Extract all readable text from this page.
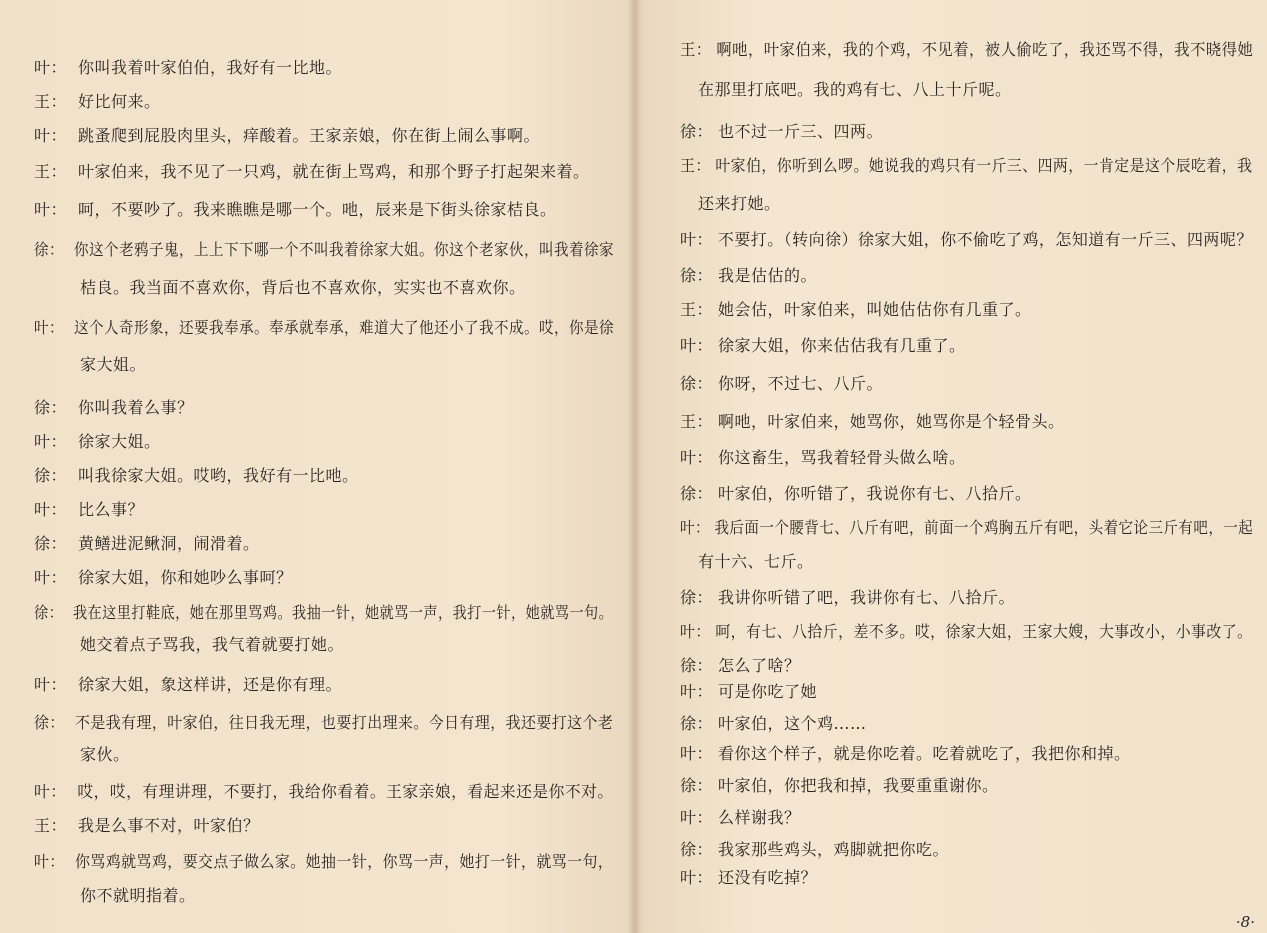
叶： 你叫我着叶家伯伯，我好有一比地。
王： 好比何来。
叶： 跳蚤爬到屁股肉里头，痒酸着。王家亲娘，你在街上闹么事啊。
王： 叶家伯来，我不见了一只鸡，就在街上骂鸡，和那个野子打起架来着。
叶： 呵，不要吵了。我来瞧瞧是哪一个。吔，辰来是下街头徐家桔良。
徐： 你这个老鸦子鬼，上上下下哪一个不叫我着徐家大姐。你这个老家伙，叫我着徐家
桔良。我当面不喜欢你，背后也不喜欢你，实实也不喜欢你。
叶： 这个人奇形象，还要我奉承。奉承就奉承，难道大了他还小了我不成。哎，你是徐
家大姐。
徐： 你叫我着么事？
叶： 徐家大姐。
徐： 叫我徐家大姐。哎哟，我好有一比吔。
叶： 比么事？
徐： 黄鳝进泥鳅洞，闹滑着。
叶： 徐家大姐，你和她吵么事呵？
徐： 我在这里打鞋底，她在那里骂鸡。我抽一针，她就骂一声，我打一针，她就骂一句。
她交着点子骂我，我气着就要打她。
叶： 徐家大姐，象这样讲，还是你有理。
徐： 不是我有理，叶家伯，往日我无理，也要打出理来。今日有理，我还要打这个老
家伙。
叶： 哎，哎，有理讲理，不要打，我给你看着。王家亲娘，看起来还是你不对。
王： 我是么事不对，叶家伯？
叶： 你骂鸡就骂鸡，要交点子做么家。她抽一针，你骂一声，她打一针，就骂一句，
你不就明指着。
王： 啊吔，叶家伯来，我的个鸡，不见着，被人偷吃了，我还骂不得，我不晓得她
在那里打底吧。我的鸡有七、八上十斤呢。
徐： 也不过一斤三、四两。
王： 叶家伯，你听到么啰。她说我的鸡只有一斤三、四两，一肯定是这个辰吃着，我
还来打她。
叶： 不要打。（转向徐）徐家大姐，你不偷吃了鸡，怎知道有一斤三、四两呢？
徐： 我是估估的。
王： 她会估，叶家伯来，叫她估估你有几重了。
叶： 徐家大姐，你来估估我有几重了。
徐： 你呀，不过七、八斤。
王： 啊吔，叶家伯来，她骂你，她骂你是个轻骨头。
叶： 你这畜生，骂我着轻骨头做么啥。
徐： 叶家伯，你听错了，我说你有七、八拾斤。
叶： 我后面一个腰背七、八斤有吧，前面一个鸡胸五斤有吧，头着它论三斤有吧，一起
有十六、七斤。
徐： 我讲你听错了吧，我讲你有七、八拾斤。
叶： 呵，有七、八拾斤，差不多。哎，徐家大姐，王家大嫂，大事改小，小事改了。
徐： 怎么了啥？
叶： 可是你吃了她
徐： 叶家伯，这个鸡……
叶： 看你这个样子，就是你吃着。吃着就吃了，我把你和掉。
徐： 叶家伯，你把我和掉，我要重重谢你。
叶： 么样谢我？
徐： 我家那些鸡头，鸡脚就把你吃。
叶： 还没有吃掉？
·8·
